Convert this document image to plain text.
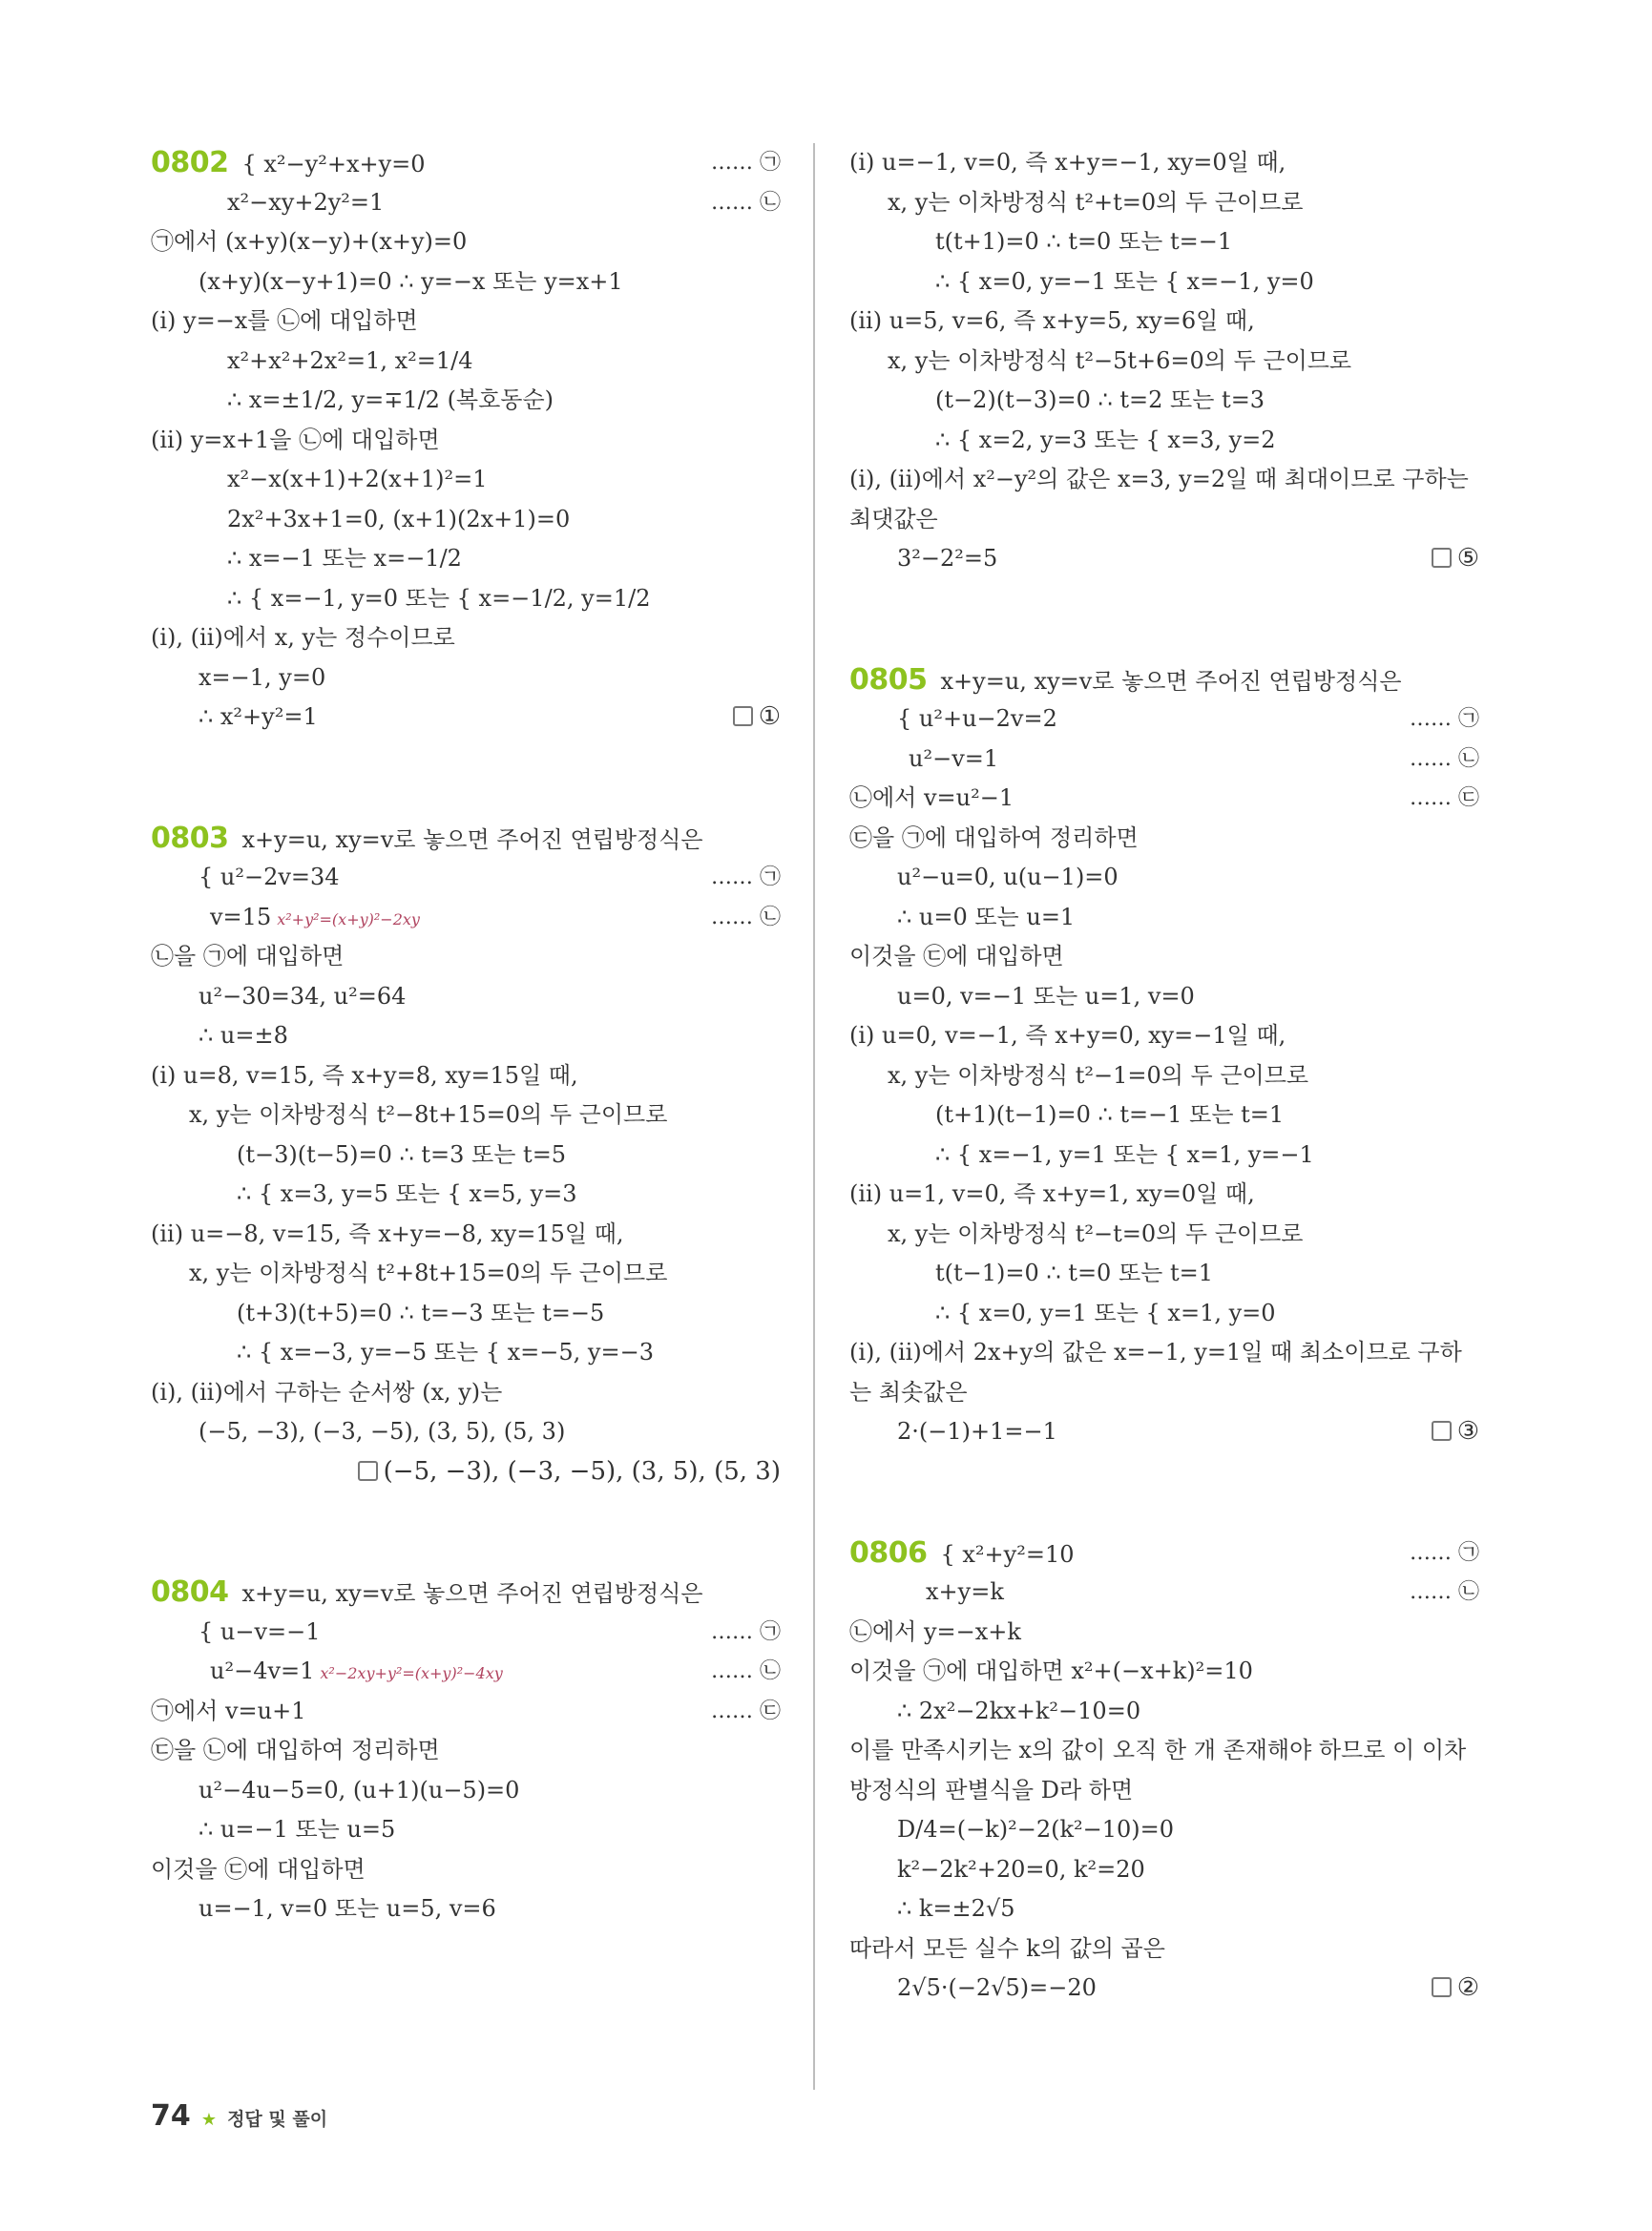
0802 { x²−y²+x+y=0	…… ㉠
x²−xy+2y²=1	…… ㉡
㉠에서 (x+y)(x−y)+(x+y)=0
(x+y)(x−y+1)=0 ∴ y=−x 또는 y=x+1
(ⅰ) y=−x를 ㉡에 대입하면
x²+x²+2x²=1, x²=1/4
∴ x=±1/2, y=∓1/2 (복호동순)
(ⅱ) y=x+1을 ㉡에 대입하면
x²−x(x+1)+2(x+1)²=1
2x²+3x+1=0, (x+1)(2x+1)=0
∴ x=−1 또는 x=−1/2
∴ { x=−1, y=0 또는 { x=−1/2, y=1/2
(ⅰ), (ⅱ)에서 x, y는 정수이므로
x=−1, y=0
∴ x²+y²=1	①
0803 x+y=u, xy=v로 놓으면 주어진 연립방정식은
{ u²−2v=34	…… ㉠
v=15 x²+y²=(x+y)²−2xy	…… ㉡
㉡을 ㉠에 대입하면
u²−30=34, u²=64
∴ u=±8
(ⅰ) u=8, v=15, 즉 x+y=8, xy=15일 때,
x, y는 이차방정식 t²−8t+15=0의 두 근이므로
(t−3)(t−5)=0 ∴ t=3 또는 t=5
∴ { x=3, y=5 또는 { x=5, y=3
(ⅱ) u=−8, v=15, 즉 x+y=−8, xy=15일 때,
x, y는 이차방정식 t²+8t+15=0의 두 근이므로
(t+3)(t+5)=0 ∴ t=−3 또는 t=−5
∴ { x=−3, y=−5 또는 { x=−5, y=−3
(ⅰ), (ⅱ)에서 구하는 순서쌍 (x, y)는
(−5, −3), (−3, −5), (3, 5), (5, 3)
(−5, −3), (−3, −5), (3, 5), (5, 3)
0804 x+y=u, xy=v로 놓으면 주어진 연립방정식은
{ u−v=−1	…… ㉠
u²−4v=1 x²−2xy+y²=(x+y)²−4xy	…… ㉡
㉠에서 v=u+1	…… ㉢
㉢을 ㉡에 대입하여 정리하면
u²−4u−5=0, (u+1)(u−5)=0
∴ u=−1 또는 u=5
이것을 ㉢에 대입하면
u=−1, v=0 또는 u=5, v=6
(ⅰ) u=−1, v=0, 즉 x+y=−1, xy=0일 때,
x, y는 이차방정식 t²+t=0의 두 근이므로
t(t+1)=0 ∴ t=0 또는 t=−1
∴ { x=0, y=−1 또는 { x=−1, y=0
(ⅱ) u=5, v=6, 즉 x+y=5, xy=6일 때,
x, y는 이차방정식 t²−5t+6=0의 두 근이므로
(t−2)(t−3)=0 ∴ t=2 또는 t=3
∴ { x=2, y=3 또는 { x=3, y=2
(ⅰ), (ⅱ)에서 x²−y²의 값은 x=3, y=2일 때 최대이므로 구하는
최댓값은
3²−2²=5	⑤
0805 x+y=u, xy=v로 놓으면 주어진 연립방정식은
{ u²+u−2v=2	…… ㉠
u²−v=1	…… ㉡
㉡에서 v=u²−1	…… ㉢
㉢을 ㉠에 대입하여 정리하면
u²−u=0, u(u−1)=0
∴ u=0 또는 u=1
이것을 ㉢에 대입하면
u=0, v=−1 또는 u=1, v=0
(ⅰ) u=0, v=−1, 즉 x+y=0, xy=−1일 때,
x, y는 이차방정식 t²−1=0의 두 근이므로
(t+1)(t−1)=0 ∴ t=−1 또는 t=1
∴ { x=−1, y=1 또는 { x=1, y=−1
(ⅱ) u=1, v=0, 즉 x+y=1, xy=0일 때,
x, y는 이차방정식 t²−t=0의 두 근이므로
t(t−1)=0 ∴ t=0 또는 t=1
∴ { x=0, y=1 또는 { x=1, y=0
(ⅰ), (ⅱ)에서 2x+y의 값은 x=−1, y=1일 때 최소이므로 구하
는 최솟값은
2·(−1)+1=−1	③
0806 { x²+y²=10	…… ㉠
x+y=k	…… ㉡
㉡에서 y=−x+k
이것을 ㉠에 대입하면 x²+(−x+k)²=10
∴ 2x²−2kx+k²−10=0
이를 만족시키는 x의 값이 오직 한 개 존재해야 하므로 이 이차
방정식의 판별식을 D라 하면
D/4=(−k)²−2(k²−10)=0
k²−2k²+20=0, k²=20
∴ k=±2√5
따라서 모든 실수 k의 값의 곱은
2√5·(−2√5)=−20	②
74 ★ 정답 및 풀이
